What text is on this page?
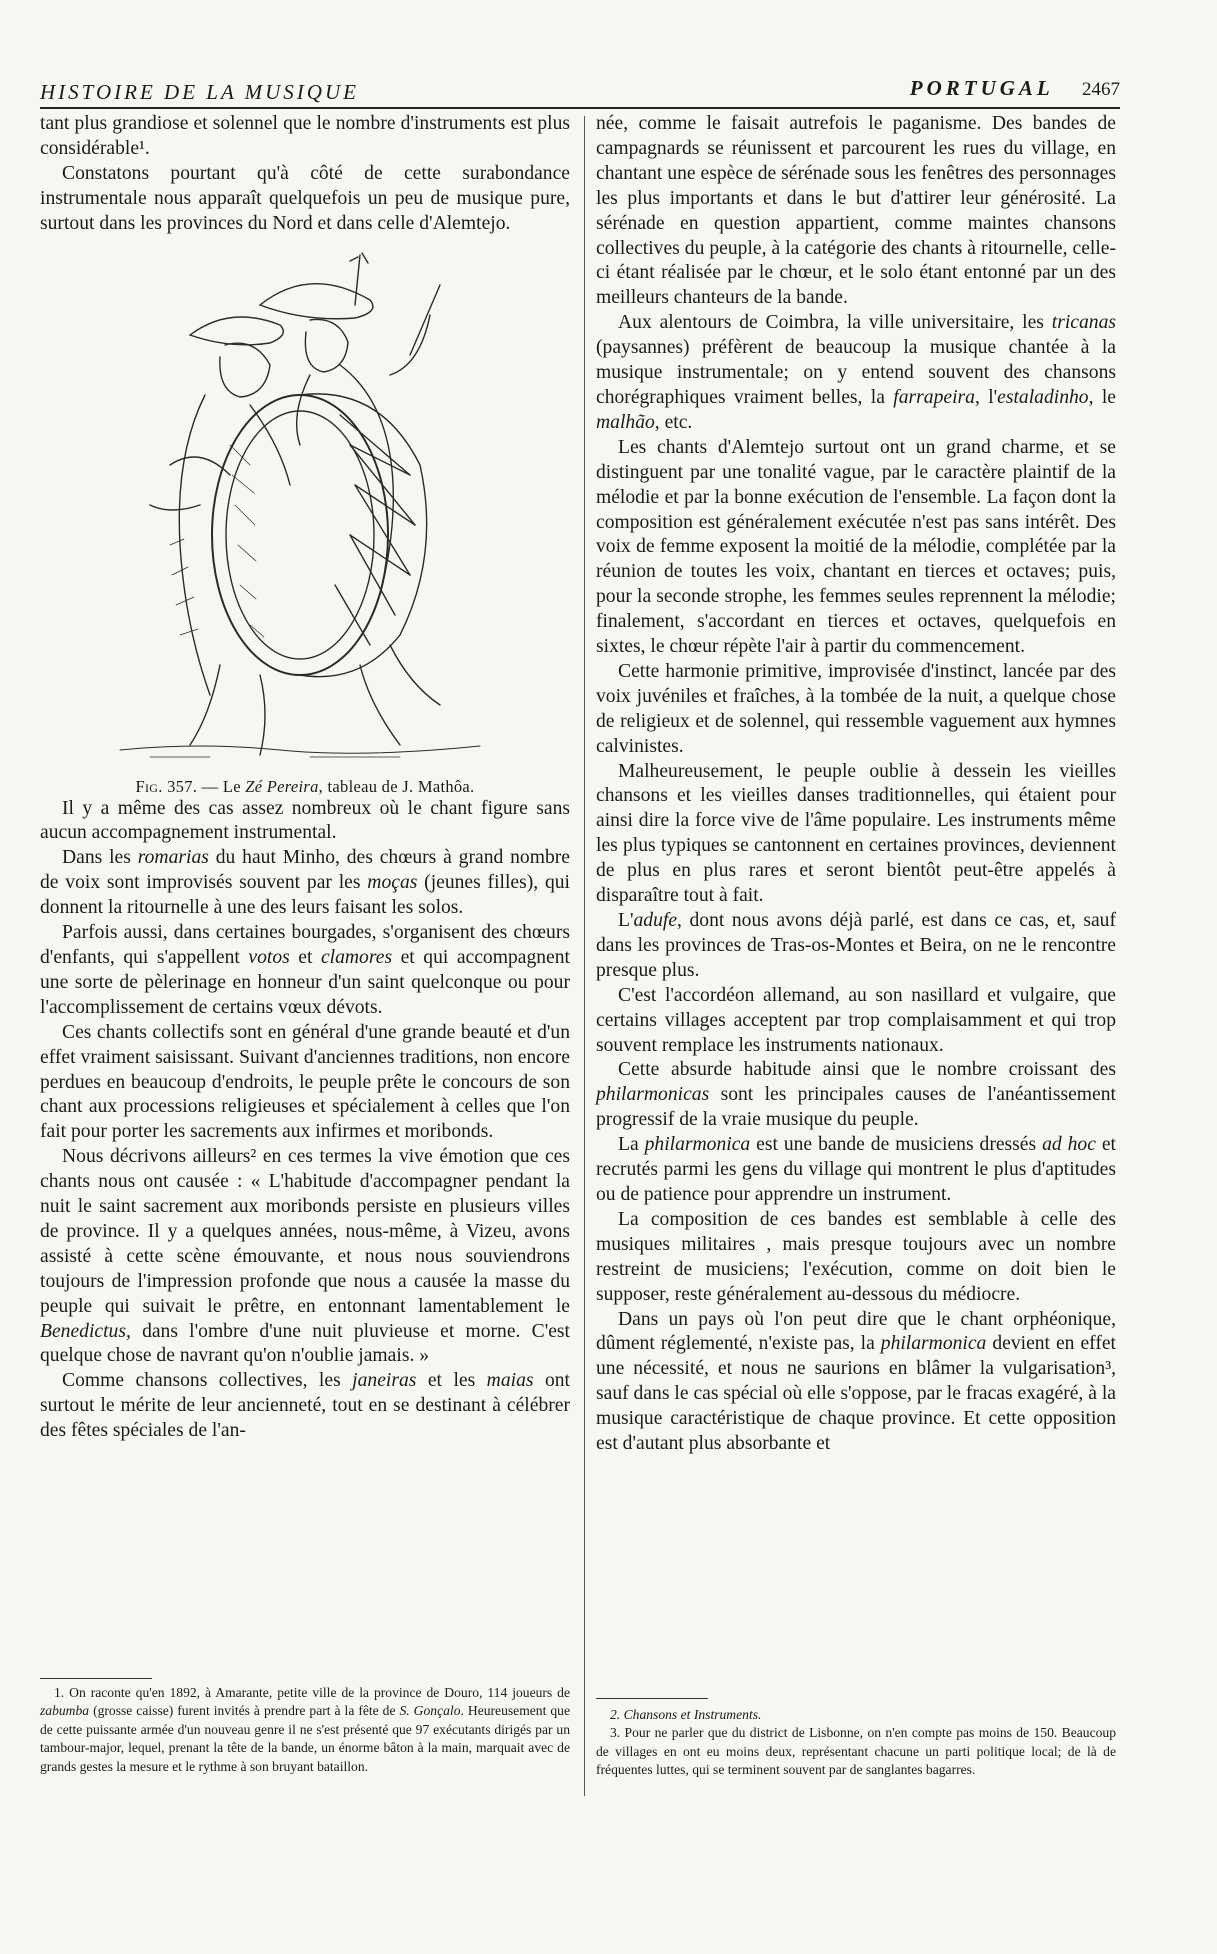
HISTOIRE DE LA MUSIQUE	PORTUGAL 2467

tant plus grandiose et solennel que le nombre d'instruments est plus considérable¹.

Constatons pourtant qu'à côté de cette surabondance instrumentale nous apparaît quelquefois un peu de musique pure, surtout dans les provinces du Nord et dans celle d'Alemtejo.

Fig. 357. — Le Zé Pereira, tableau de J. Mathôa.

Il y a même des cas assez nombreux où le chant figure sans aucun accompagnement instrumental.

Dans les romarias du haut Minho, des chœurs à grand nombre de voix sont improvisés souvent par les moças (jeunes filles), qui donnent la ritournelle à une des leurs faisant les solos.

Parfois aussi, dans certaines bourgades, s'organisent des chœurs d'enfants, qui s'appellent votos et clamores et qui accompagnent une sorte de pèlerinage en honneur d'un saint quelconque ou pour l'accomplissement de certains vœux dévots.

Ces chants collectifs sont en général d'une grande beauté et d'un effet vraiment saisissant. Suivant d'anciennes traditions, non encore perdues en beaucoup d'endroits, le peuple prête le concours de son chant aux processions religieuses et spécialement à celles que l'on fait pour porter les sacrements aux infirmes et moribonds.

Nous décrivons ailleurs² en ces termes la vive émotion que ces chants nous ont causée : « L'habitude d'accompagner pendant la nuit le saint sacrement aux moribonds persiste en plusieurs villes de province. Il y a quelques années, nous-même, à Vizeu, avons assisté à cette scène émouvante, et nous nous souviendrons toujours de l'impression profonde que nous a causée la masse du peuple qui suivait le prêtre, en entonnant lamentablement le Benedictus, dans l'ombre d'une nuit pluvieuse et morne. C'est quelque chose de navrant qu'on n'oublie jamais. »

Comme chansons collectives, les janeiras et les maias ont surtout le mérite de leur ancienneté, tout en se destinant à célébrer des fêtes spéciales de l'an-

née, comme le faisait autrefois le paganisme. Des bandes de campagnards se réunissent et parcourent les rues du village, en chantant une espèce de sérénade sous les fenêtres des personnages les plus importants et dans le but d'attirer leur générosité. La sérénade en question appartient, comme maintes chansons collectives du peuple, à la catégorie des chants à ritournelle, celle-ci étant réalisée par le chœur, et le solo étant entonné par un des meilleurs chanteurs de la bande.

Aux alentours de Coimbra, la ville universitaire, les tricanas (paysannes) préfèrent de beaucoup la musique chantée à la musique instrumentale; on y entend souvent des chansons chorégraphiques vraiment belles, la farrapeira, l'estaladinho, le malhão, etc.

Les chants d'Alemtejo surtout ont un grand charme, et se distinguent par une tonalité vague, par le caractère plaintif de la mélodie et par la bonne exécution de l'ensemble. La façon dont la composition est généralement exécutée n'est pas sans intérêt. Des voix de femme exposent la moitié de la mélodie, complétée par la réunion de toutes les voix, chantant en tierces et octaves; puis, pour la seconde strophe, les femmes seules reprennent la mélodie; finalement, s'accordant en tierces et octaves, quelquefois en sixtes, le chœur répète l'air à partir du commencement.

Cette harmonie primitive, improvisée d'instinct, lancée par des voix juvéniles et fraîches, à la tombée de la nuit, a quelque chose de religieux et de solennel, qui ressemble vaguement aux hymnes calvinistes.

Malheureusement, le peuple oublie à dessein les vieilles chansons et les vieilles danses traditionnelles, qui étaient pour ainsi dire la force vive de l'âme populaire. Les instruments même les plus typiques se cantonnent en certaines provinces, deviennent de plus en plus rares et seront bientôt peut-être appelés à disparaître tout à fait.

L'adufe, dont nous avons déjà parlé, est dans ce cas, et, sauf dans les provinces de Tras-os-Montes et Beira, on ne le rencontre presque plus.

C'est l'accordéon allemand, au son nasillard et vulgaire, que certains villages acceptent par trop complaisamment et qui trop souvent remplace les instruments nationaux.

Cette absurde habitude ainsi que le nombre croissant des philarmonicas sont les principales causes de l'anéantissement progressif de la vraie musique du peuple.

La philarmonica est une bande de musiciens dressés ad hoc et recrutés parmi les gens du village qui montrent le plus d'aptitudes ou de patience pour apprendre un instrument.

La composition de ces bandes est semblable à celle des musiques militaires , mais presque toujours avec un nombre restreint de musiciens; l'exécution, comme on doit bien le supposer, reste généralement au-dessous du médiocre.

Dans un pays où l'on peut dire que le chant orphéonique, dûment réglementé, n'existe pas, la philarmonica devient en effet une nécessité, et nous ne saurions en blâmer la vulgarisation³, sauf dans le cas spécial où elle s'oppose, par le fracas exagéré, à la musique caractéristique de chaque province. Et cette opposition est d'autant plus absorbante et

1. On raconte qu'en 1892, à Amarante, petite ville de la province de Douro, 114 joueurs de zabumba (grosse caisse) furent invités à prendre part à la fête de S. Gonçalo. Heureusement que de cette puissante armée d'un nouveau genre il ne s'est présenté que 97 exécutants dirigés par un tambour-major, lequel, prenant la tête de la bande, un énorme bâton à la main, marquait avec de grands gestes la mesure et le rythme à son bruyant bataillon.

2. Chansons et Instruments.

3. Pour ne parler que du district de Lisbonne, on n'en compte pas moins de 150. Beaucoup de villages en ont eu moins deux, représentant chacune un parti politique local; de là de fréquentes luttes, qui se terminent souvent par de sanglantes bagarres.
